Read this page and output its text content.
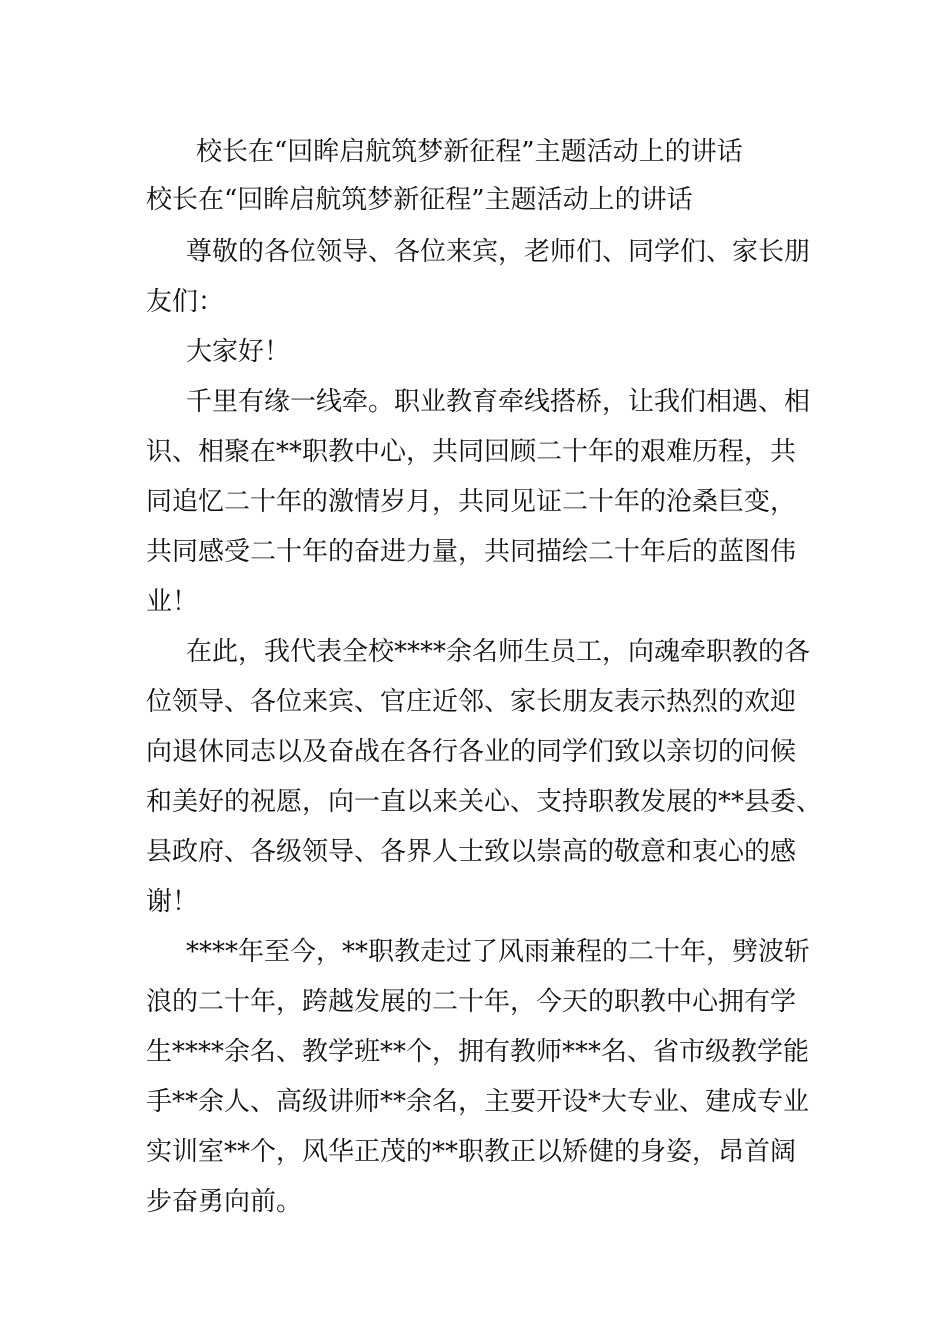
校长在“回眸启航筑梦新征程”主题活动上的讲话
校长在“回眸启航筑梦新征程”主题活动上的讲话
尊敬的各位领导、各位来宾，老师们、同学们、家长朋
友们：
大家好！
千里有缘一线牵。职业教育牵线搭桥，让我们相遇、相
识、相聚在**职教中心，共同回顾二十年的艰难历程，共
同追忆二十年的激情岁月，共同见证二十年的沧桑巨变，
共同感受二十年的奋进力量，共同描绘二十年后的蓝图伟
业！
在此，我代表全校****余名师生员工，向魂牵职教的各
位领导、各位来宾、官庄近邻、家长朋友表示热烈的欢迎
向退休同志以及奋战在各行各业的同学们致以亲切的问候
和美好的祝愿，向一直以来关心、支持职教发展的**县委、
县政府、各级领导、各界人士致以崇高的敬意和衷心的感
谢！
****年至今，**职教走过了风雨兼程的二十年，劈波斩
浪的二十年，跨越发展的二十年，今天的职教中心拥有学
生****余名、教学班**个，拥有教师***名、省市级教学能
手**余人、高级讲师**余名，主要开设*大专业、建成专业
实训室**个，风华正茂的**职教正以矫健的身姿，昂首阔
步奋勇向前。
